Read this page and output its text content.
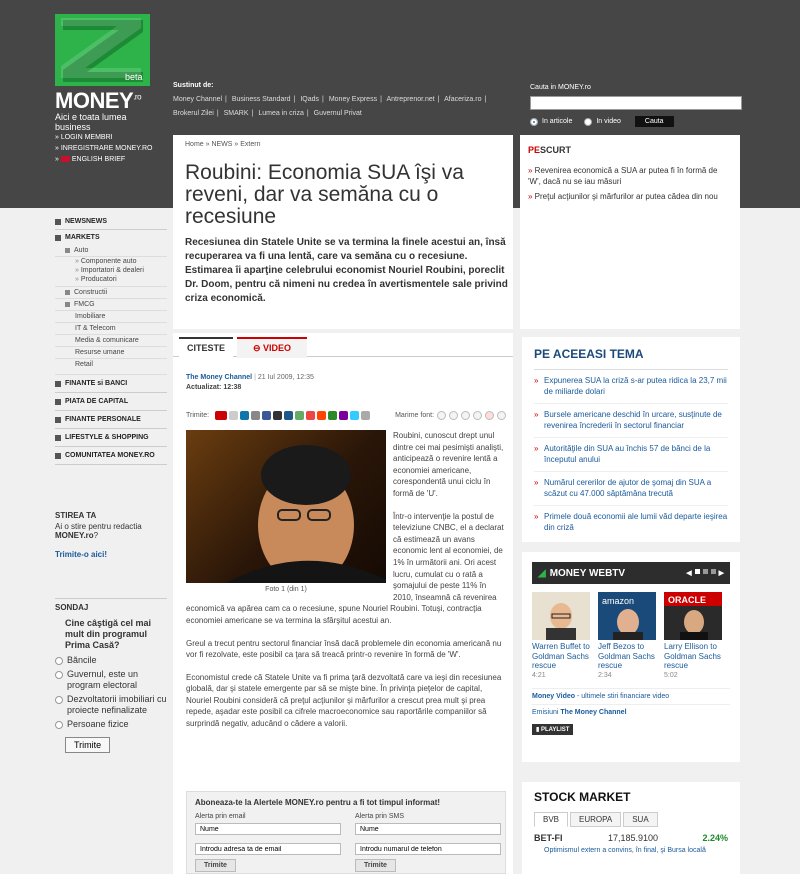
beta
$MONEY^{.ro}$
Aici e toata lumea business
Sustinut de:
Money Channel | Business Standard | IQads | Money Express | Antreprenor.net | Afaceriza.ro |
Brokerul Zilei | SMARK | Lumea in criza | Guvernul Privat
Cauta in MONEY.ro
In articole	In video	Cauta
» LOGIN MEMBRI
» INREGISTRARE MONEY.RO
» ENGLISH BRIEF
NEWSNEWS
MARKETS
Auto
» Componente auto
» Importatori & dealeri
» Producatori
Constructii
FMCG
Imobiliare
IT & Telecom
Media & comunicare
Resurse umane
Retail
FINANTE si BANCI
PIATA DE CAPITAL
FINANTE PERSONALE
LIFESTYLE & SHOPPING
COMUNITATEA MONEY.RO
STIREA TA
Ai o stire pentru redactia MONEY.ro?
Trimite-o aici!
SONDAJ
Cine câştigă cel mai mult din programul Prima Casă?
Băncile
Guvernul, este un program electoral
Dezvoltatorii imobiliari cu proiecte nefinalizate
Persoane fizice
Trimite
Home » NEWS » Extern
Roubini: Economia SUA îşi va reveni, dar va semăna cu o recesiune
Recesiunea din Statele Unite se va termina la finele acestui an, însă recuperarea va fi una lentă, care va semăna cu o recesiune. Estimarea îi aparţine celebrului economist Nouriel Roubini, poreclit Dr. Doom, pentru că nimeni nu credea în avertismentele sale privind criza economică.
PESCURT
» Revenirea economică a SUA ar putea fi în formă de 'W', dacă nu se iau măsuri
» Preţul acţiunilor şi mărfurilor ar putea cădea din nou
CITESTE	⊖ VIDEO
The Money Channel | 21 Iul 2009, 12:35
Actualizat: 12:38
Trimite:	Marime font:
Foto 1 (din 1)

Roubini, cunoscut drept unul dintre cei mai pesimişti analişti, anticipează o revenire lentă a economiei americane, corespondentă unui ciclu în formă de 'U'.

Într-o intervenţie la postul de televiziune CNBC, el a declarat că estimează un avans economic lent al economiei, de 1% în următorii ani. Ori acest lucru, cumulat cu o rată a şomajului de peste 11% în 2010, înseamnă că revenirea economică va apărea cam ca o recesiune, spune Nouriel Roubini. Totuşi, contracţia economiei americane se va termina la sfârşitul acestui an.

Greul a trecut pentru sectorul financiar însă dacă problemele din economia americană nu vor fi rezolvate, este posibil ca ţara să treacă printr-o revenire în formă de 'W'.

Economistul crede că Statele Unite va fi prima ţară dezvoltată care va ieşi din recesiunea globală, dar şi statele emergente par să se mişte bine. În privinţa pieţelor de capital, Nouriel Roubini consideră că preţul acţiunilor şi mărfurilor a crescut prea mult şi prea repede, aşadar este posibil ca cifrele macroeconomice sau raportările companiilor să surprindă negativ, aducând o cădere a valorii.

Aboneaza-te la Alertele MONEY.ro pentru a fi tot timpul informat!
Alerta prin email
Nume
Introdu adresa ta de email Trimite
Alerta prin SMS
Nume
Introdu numarul de telefon Trimite
PE ACEEASI TEMA
» Expunerea SUA la criză s-ar putea ridica la 23,7 mii de miliarde dolari
» Bursele americane deschid în urcare, susţinute de revenirea încrederii în sectorul financiar
» Autorităţile din SUA au închis 57 de bănci de la începutul anului
» Numărul cererilor de ajutor de şomaj din SUA a scăzut cu 47.000 săptămâna trecută
» Primele două economii ale lumii văd departe ieşirea din criză
◢ MONEY WEBTV	◀	▶
Warren Buffet to Goldman Sachs rescue
4:21
amazon
Jeff Bezos to Goldman Sachs rescue
2:34
ORACLE
Larry Ellison to Goldman Sachs rescue
5:02
Money Video - ultimele stiri financiare video
Emisiuni The Money Channel
▮ PLAYLIST
STOCK MARKET
BVB	EUROPA	SUA
BET-FI	17,185.9100	2.24%
Optimismul extern a convins, în final, şi Bursa locală
